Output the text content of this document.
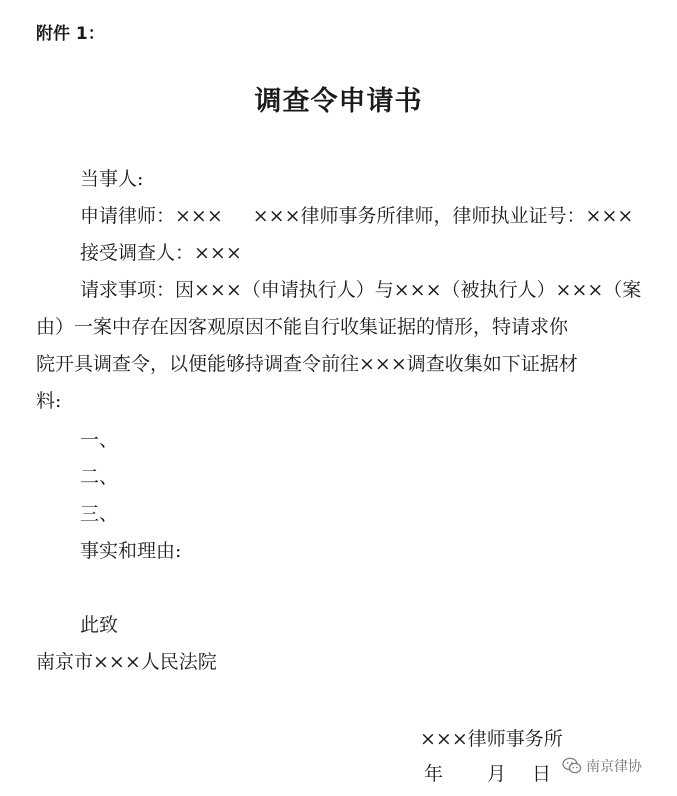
附件 1：
调查令申请书
当事人:
申请律师：××× ×××律师事务所律师，律师执业证号：×××
接受调查人：×××
请求事项：因×××（申请执行人）与×××（被执行人）×××（案
由）一案中存在因客观原因不能自行收集证据的情形，特请求你
院开具调查令，以便能够持调查令前往×××调查收集如下证据材
料:
一、
二、
三、
事实和理由:
此致
南京市×××人民法院
×××律师事务所
年 月 日 南京律协
